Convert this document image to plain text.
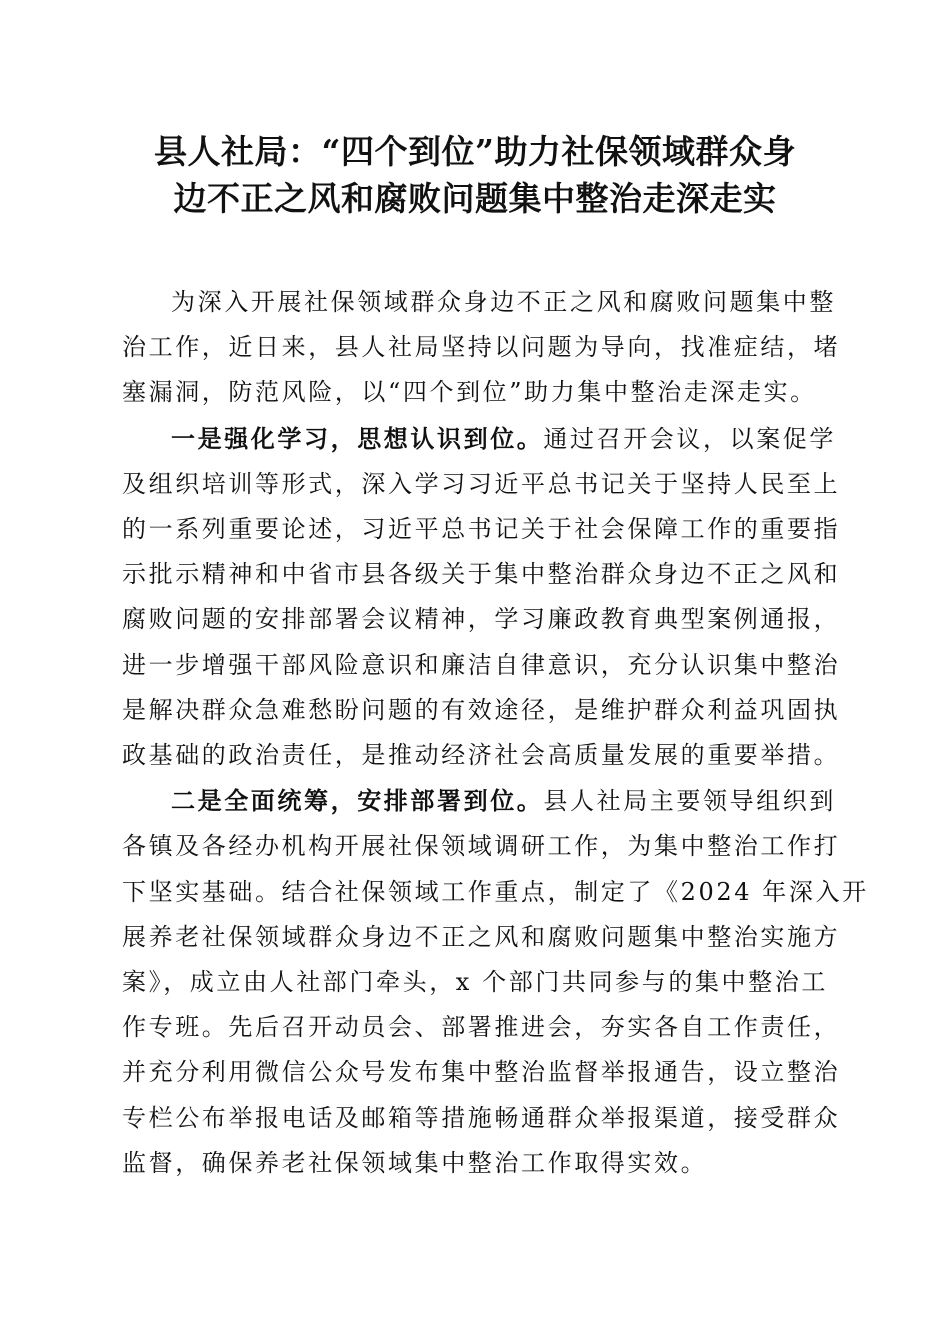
县人社局：“四个到位”助力社保领域群众身
边不正之风和腐败问题集中整治走深走实
为深入开展社保领域群众身边不正之风和腐败问题集中整
治工作，近日来，县人社局坚持以问题为导向，找准症结，堵
塞漏洞，防范风险，以“四个到位”助力集中整治走深走实。
一是强化学习，思想认识到位。通过召开会议，以案促学
及组织培训等形式，深入学习习近平总书记关于坚持人民至上
的一系列重要论述，习近平总书记关于社会保障工作的重要指
示批示精神和中省市县各级关于集中整治群众身边不正之风和
腐败问题的安排部署会议精神，学习廉政教育典型案例通报，
进一步增强干部风险意识和廉洁自律意识，充分认识集中整治
是解决群众急难愁盼问题的有效途径，是维护群众利益巩固执
政基础的政治责任，是推动经济社会高质量发展的重要举措。
二是全面统筹，安排部署到位。县人社局主要领导组织到
各镇及各经办机构开展社保领域调研工作，为集中整治工作打
下坚实基础。结合社保领域工作重点，制定了《2024 年深入开
展养老社保领域群众身边不正之风和腐败问题集中整治实施方
案》，成立由人社部门牵头，x 个部门共同参与的集中整治工
作专班。先后召开动员会、部署推进会，夯实各自工作责任，
并充分利用微信公众号发布集中整治监督举报通告，设立整治
专栏公布举报电话及邮箱等措施畅通群众举报渠道，接受群众
监督，确保养老社保领域集中整治工作取得实效。
